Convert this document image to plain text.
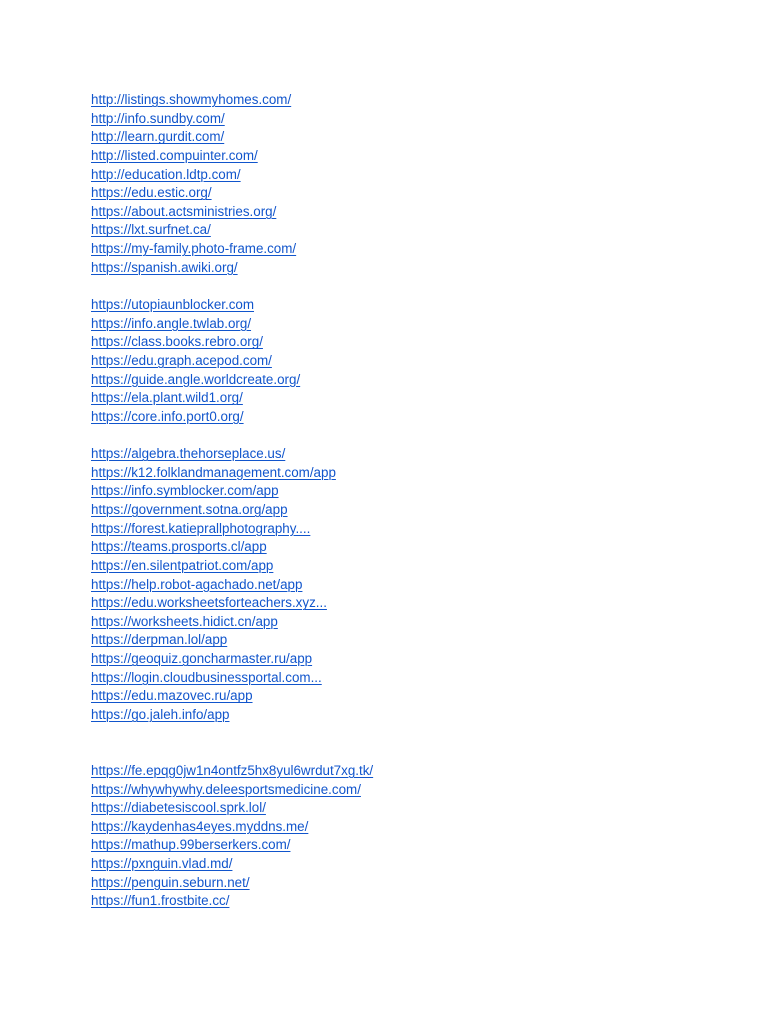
http://listings.showmyhomes.com/
http://info.sundby.com/
http://learn.gurdit.com/
http://listed.compuinter.com/
http://education.ldtp.com/
https://edu.estic.org/
https://about.actsministries.org/
https://lxt.surfnet.ca/
https://my-family.photo-frame.com/
https://spanish.awiki.org/
https://utopiaunblocker.com
https://info.angle.twlab.org/
https://class.books.rebro.org/
https://edu.graph.acepod.com/
https://guide.angle.worldcreate.org/
https://ela.plant.wild1.org/
https://core.info.port0.org/
https://algebra.thehorseplace.us/
https://k12.folklandmanagement.com/app
https://info.symblocker.com/app
https://government.sotna.org/app
https://forest.katieprallphotography....
https://teams.prosports.cl/app
https://en.silentpatriot.com/app
https://help.robot-agachado.net/app
https://edu.worksheetsforteachers.xyz...
https://worksheets.hidict.cn/app
https://derpman.lol/app
https://geoquiz.goncharmaster.ru/app
https://login.cloudbusinessportal.com...
https://edu.mazovec.ru/app
https://go.jaleh.info/app
https://fe.epqg0jw1n4ontfz5hx8yul6wrdut7xg.tk/
https://whywhywhy.deleesportsmedicine.com/
https://diabetesiscool.sprk.lol/
https://kaydenhas4eyes.myddns.me/
https://mathup.99berserkers.com/
https://pxnguin.vlad.md/
https://penguin.seburn.net/
https://fun1.frostbite.cc/
